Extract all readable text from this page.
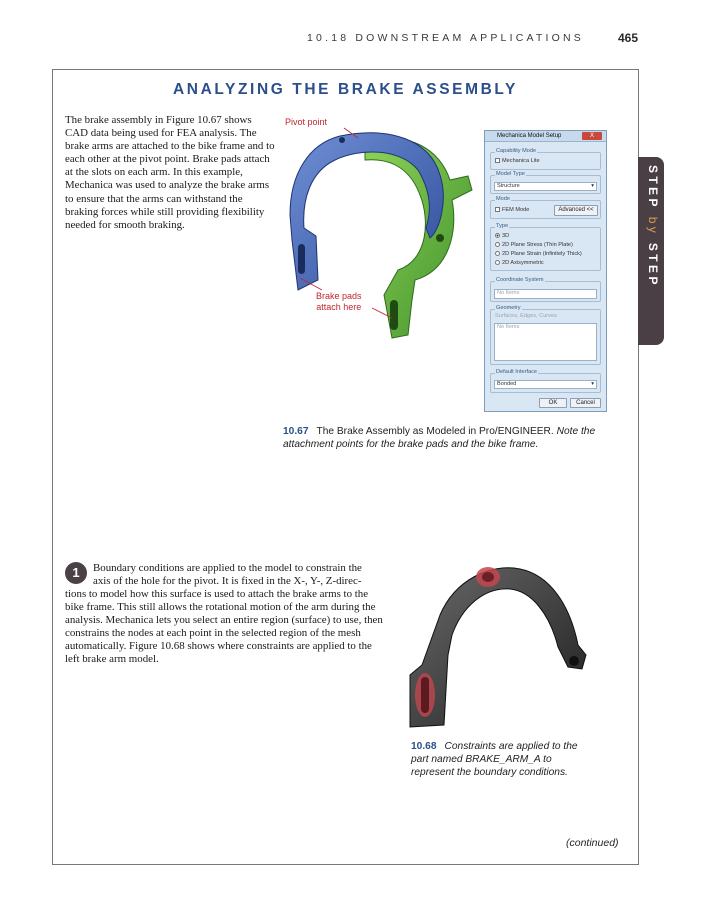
10.18 DOWNSTREAM APPLICATIONS	465
ANALYZING THE BRAKE ASSEMBLY
STEP by STEP

The brake assembly in Figure 10.67 shows CAD data being used for FEA analysis. The brake arms are attached to the bike frame and to each other at the pivot point. Brake pads attach at the slots on each arm. In this example, Mechanica was used to analyze the brake arms to ensure that the arms can withstand the braking forces while still providing flexibility needed for smooth braking.

Pivot point
Brake pads
attach here
Mechanica Model Setup	X
Capability Mode
Mechanica Lite
Model Type
Structure	▾
Mode
FEM Mode	Advanced <<
Type
3D
2D Plane Stress (Thin Plate)
2D Plane Strain (Infinitely Thick)
2D Axisymmetric
Coordinate System
No Items
Geometry
Surfaces, Edges, Curves
No Items
Default Interface
Bonded	▾
OK	Cancel
10.67 The Brake Assembly as Modeled in Pro/ENGINEER. Note the attachment points for the brake pads and the bike frame.
1	Boundary conditions are applied to the model to constrain the
axis of the hole for the pivot. It is fixed in the X-, Y-, Z-direc-
tions to model how this surface is used to attach the brake arms to the bike frame. This still allows the rotational motion of the arm during the analysis. Mechanica lets you select an entire region (surface) to use, then constrains the nodes at each point in the selected region of the mesh automatically. Figure 10.68 shows where constraints are applied to the left brake arm model.
10.68 Constraints are applied to the part named BRAKE_ARM_A to represent the boundary conditions.
(continued)
